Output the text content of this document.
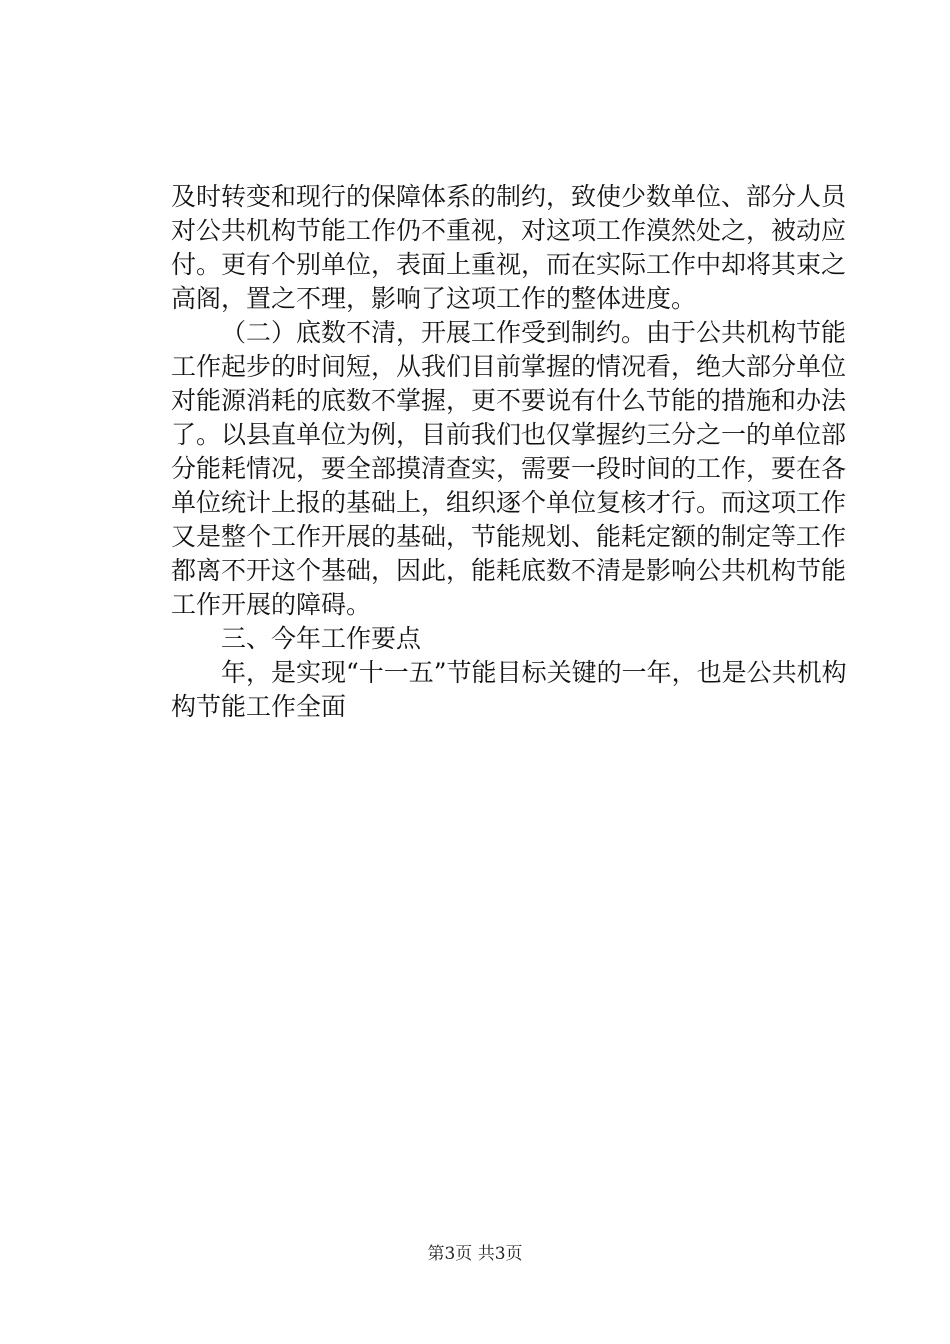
及时转变和现行的保障体系的制约，致使少数单位、部分人员
对公共机构节能工作仍不重视，对这项工作漠然处之，被动应
付。更有个别单位，表面上重视，而在实际工作中却将其束之
高阁，置之不理，影响了这项工作的整体进度。
（二）底数不清，开展工作受到制约。由于公共机构节能
工作起步的时间短，从我们目前掌握的情况看，绝大部分单位
对能源消耗的底数不掌握，更不要说有什么节能的措施和办法
了。以县直单位为例，目前我们也仅掌握约三分之一的单位部
分能耗情况，要全部摸清查实，需要一段时间的工作，要在各
单位统计上报的基础上，组织逐个单位复核才行。而这项工作
又是整个工作开展的基础，节能规划、能耗定额的制定等工作
都离不开这个基础，因此，能耗底数不清是影响公共机构节能
工作开展的障碍。
三、今年工作要点
年，是实现“十一五”节能目标关键的一年，也是公共机构
构节能工作全面
第3页 共3页
